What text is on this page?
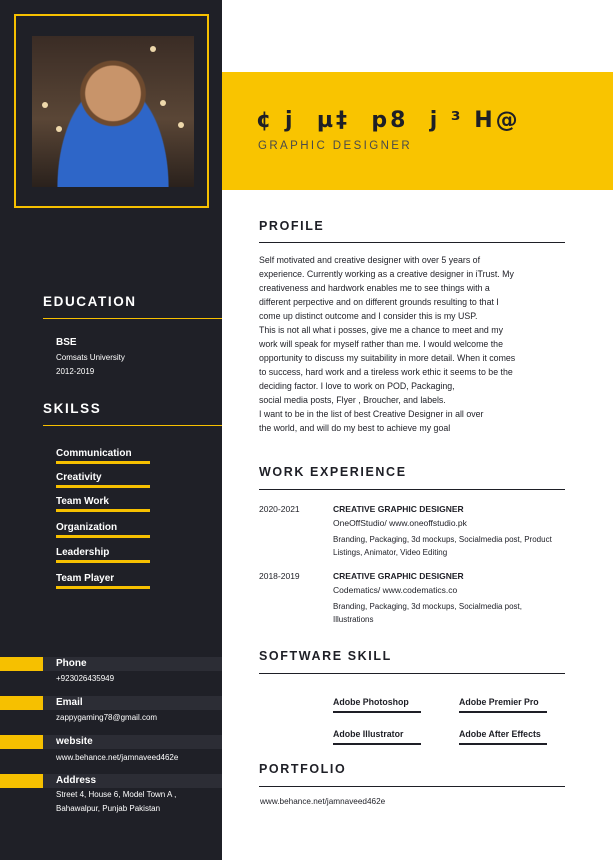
EDUCATION
BSE
Comsats University
2012-2019
SKILSS
Communication
Creativity
Team Work
Organization
Leadership
Team Player
Phone
+923026435949
Email
zappygaming78@gmail.com
website
www.behance.net/jamnaveed462e
Address
Street 4, House 6, Model Town A ,
Bahawalpur, Punjab Pakistan
¢ j  µ‡  p8  j ³ H@
GRAPHIC DESIGNER
PROFILE
Self motivated and creative designer with over 5 years of
experience. Currently working as a creative designer in iTrust. My
creativeness and hardwork enables me to see things with a
different perpective and on different grounds resulting to that I
come up distinct outcome and I consider this is my USP.
This is not all what i posses, give me a chance to meet and my
work will speak for myself rather than me. I would welcome the
opportunity to discuss my suitability in more detail. When it comes
to success, hard work and a tireless work ethic it seems to be the
deciding factor. I love to work on POD, Packaging,
social media posts, Flyer , Broucher, and labels.
I want to be in the list of best Creative Designer in all over
the world, and will do my best to achieve my goal
WORK EXPERIENCE
2020-2021	CREATIVE GRAPHIC DESIGNER
OneOffStudio/ www.oneoffstudio.pk
Branding, Packaging, 3d mockups, Socialmedia post, Product Listings, Animator, Video Editing
2018-2019	CREATIVE GRAPHIC DESIGNER
Codematics/ www.codematics.co
Branding, Packaging, 3d mockups, Socialmedia post, Illustrations
SOFTWARE SKILL
Adobe Photoshop	Adobe Premier Pro
Adobe Illustrator	Adobe After Effects
PORTFOLIO
www.behance.net/jamnaveed462e
